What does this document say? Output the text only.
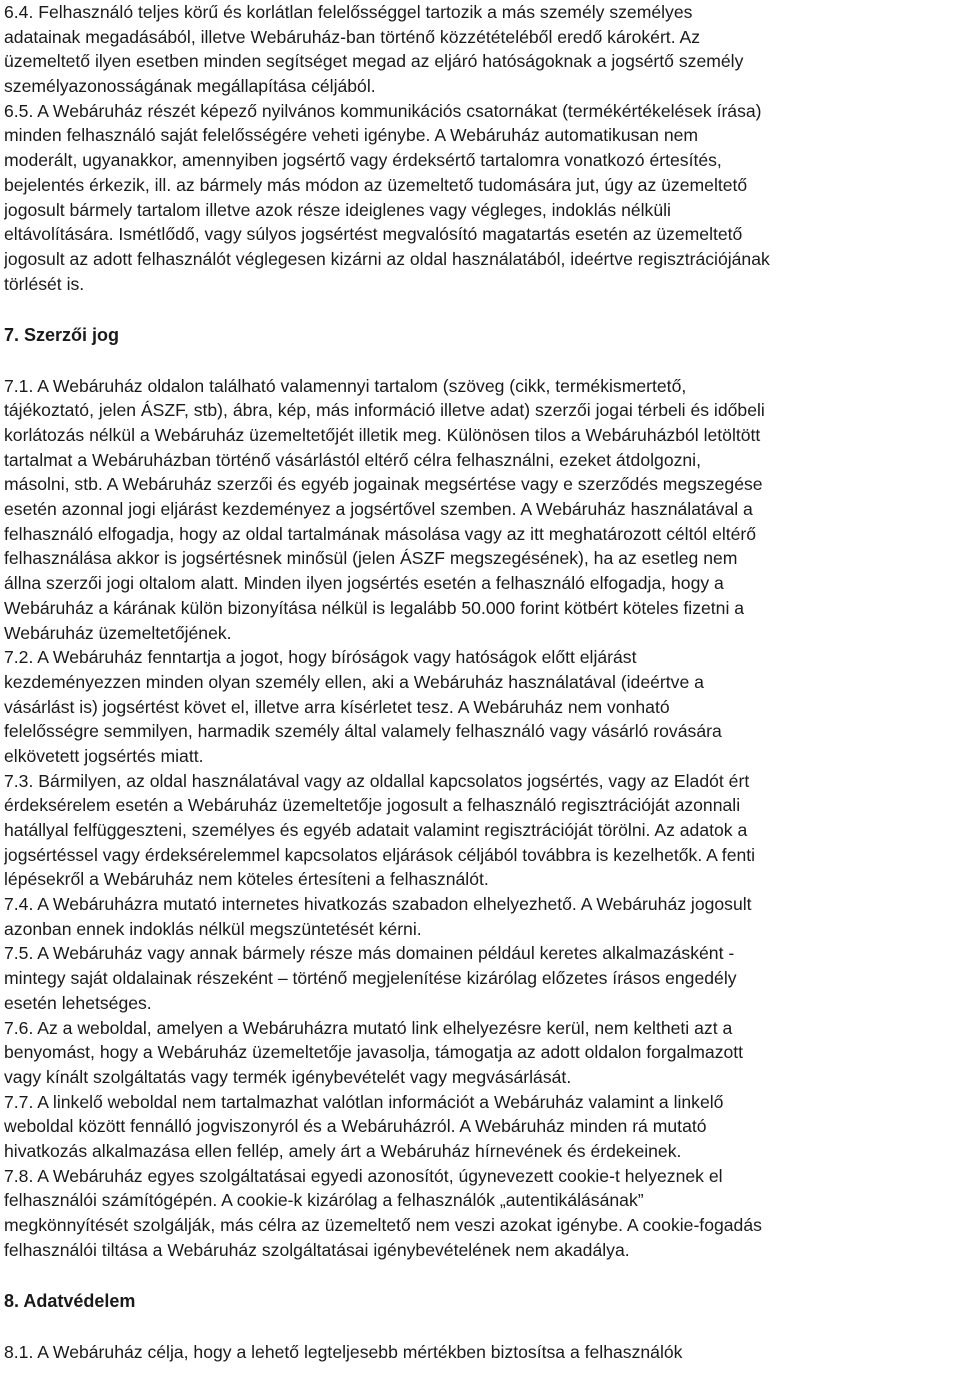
6.4. Felhasználó teljes körű és korlátlan felelősséggel tartozik a más személy személyes
adatainak megadásából, illetve Webáruház-ban történő közzétételéből eredő károkért. Az
üzemeltető ilyen esetben minden segítséget megad az eljáró hatóságoknak a jogsértő személy
személyazonosságának megállapítása céljából.
6.5. A Webáruház részét képező nyilvános kommunikációs csatornákat (termékértékelések írása)
minden felhasználó saját felelősségére veheti igénybe. A Webáruház automatikusan nem
moderált, ugyanakkor, amennyiben jogsértő vagy érdeksértő tartalomra vonatkozó értesítés,
bejelentés érkezik, ill. az bármely más módon az üzemeltető tudomására jut, úgy az üzemeltető
jogosult bármely tartalom illetve azok része ideiglenes vagy végleges, indoklás nélküli
eltávolítására. Ismétlődő, vagy súlyos jogsértést megvalósító magatartás esetén az üzemeltető
jogosult az adott felhasználót véglegesen kizárni az oldal használatából, ideértve regisztrációjának
törlését is.
7. Szerzői jog
7.1. A Webáruház oldalon található valamennyi tartalom (szöveg (cikk, termékismertető,
tájékoztató, jelen ÁSZF, stb), ábra, kép, más információ illetve adat) szerzői jogai térbeli és időbeli
korlátozás nélkül a Webáruház üzemeltetőjét illetik meg. Különösen tilos a Webáruházból letöltött
tartalmat a Webáruházban történő vásárlástól eltérő célra felhasználni, ezeket átdolgozni,
másolni, stb. A Webáruház szerzői és egyéb jogainak megsértése vagy e szerződés megszegése
esetén azonnal jogi eljárást kezdeményez a jogsértővel szemben. A Webáruház használatával a
felhasználó elfogadja, hogy az oldal tartalmának másolása vagy az itt meghatározott céltól eltérő
felhasználása akkor is jogsértésnek minősül (jelen ÁSZF megszegésének), ha az esetleg nem
állna szerzői jogi oltalom alatt. Minden ilyen jogsértés esetén a felhasználó elfogadja, hogy a
Webáruház a kárának külön bizonyítása nélkül is legalább 50.000 forint kötbért köteles fizetni a
Webáruház üzemeltetőjének.
7.2. A Webáruház fenntartja a jogot, hogy bíróságok vagy hatóságok előtt eljárást
kezdeményezzen minden olyan személy ellen, aki a Webáruház használatával (ideértve a
vásárlást is) jogsértést követ el, illetve arra kísérletet tesz. A Webáruház nem vonható
felelősségre semmilyen, harmadik személy által valamely felhasználó vagy vásárló rovására
elkövetett jogsértés miatt.
7.3. Bármilyen, az oldal használatával vagy az oldallal kapcsolatos jogsértés, vagy az Eladót ért
érdeksérelem esetén a Webáruház üzemeltetője jogosult a felhasználó regisztrációját azonnali
hatállyal felfüggeszteni, személyes és egyéb adatait valamint regisztrációját törölni. Az adatok a
jogsértéssel vagy érdeksérelemmel kapcsolatos eljárások céljából továbbra is kezelhetők. A fenti
lépésekről a Webáruház nem köteles értesíteni a felhasználót.
7.4. A Webáruházra mutató internetes hivatkozás szabadon elhelyezhető. A Webáruház jogosult
azonban ennek indoklás nélkül megszüntetését kérni.
7.5. A Webáruház vagy annak bármely része más domainen például keretes alkalmazásként -
mintegy saját oldalainak részeként – történő megjelenítése kizárólag előzetes írásos engedély
esetén lehetséges.
7.6. Az a weboldal, amelyen a Webáruházra mutató link elhelyezésre kerül, nem keltheti azt a
benyomást, hogy a Webáruház üzemeltetője javasolja, támogatja az adott oldalon forgalmazott
vagy kínált szolgáltatás vagy termék igénybevételét vagy megvásárlását.
7.7. A linkelő weboldal nem tartalmazhat valótlan információt a Webáruház valamint a linkelő
weboldal között fennálló jogviszonyról és a Webáruházról. A Webáruház minden rá mutató
hivatkozás alkalmazása ellen fellép, amely árt a Webáruház hírnevének és érdekeinek.
7.8. A Webáruház egyes szolgáltatásai egyedi azonosítót, úgynevezett cookie-t helyeznek el
felhasználói számítógépén. A cookie-k kizárólag a felhasználók „autentikálásának”
megkönnyítését szolgálják, más célra az üzemeltető nem veszi azokat igénybe. A cookie-fogadás
felhasználói tiltása a Webáruház szolgáltatásai igénybevételének nem akadálya.
8. Adatvédelem
8.1. A Webáruház célja, hogy a lehető legteljesebb mértékben biztosítsa a felhasználók
